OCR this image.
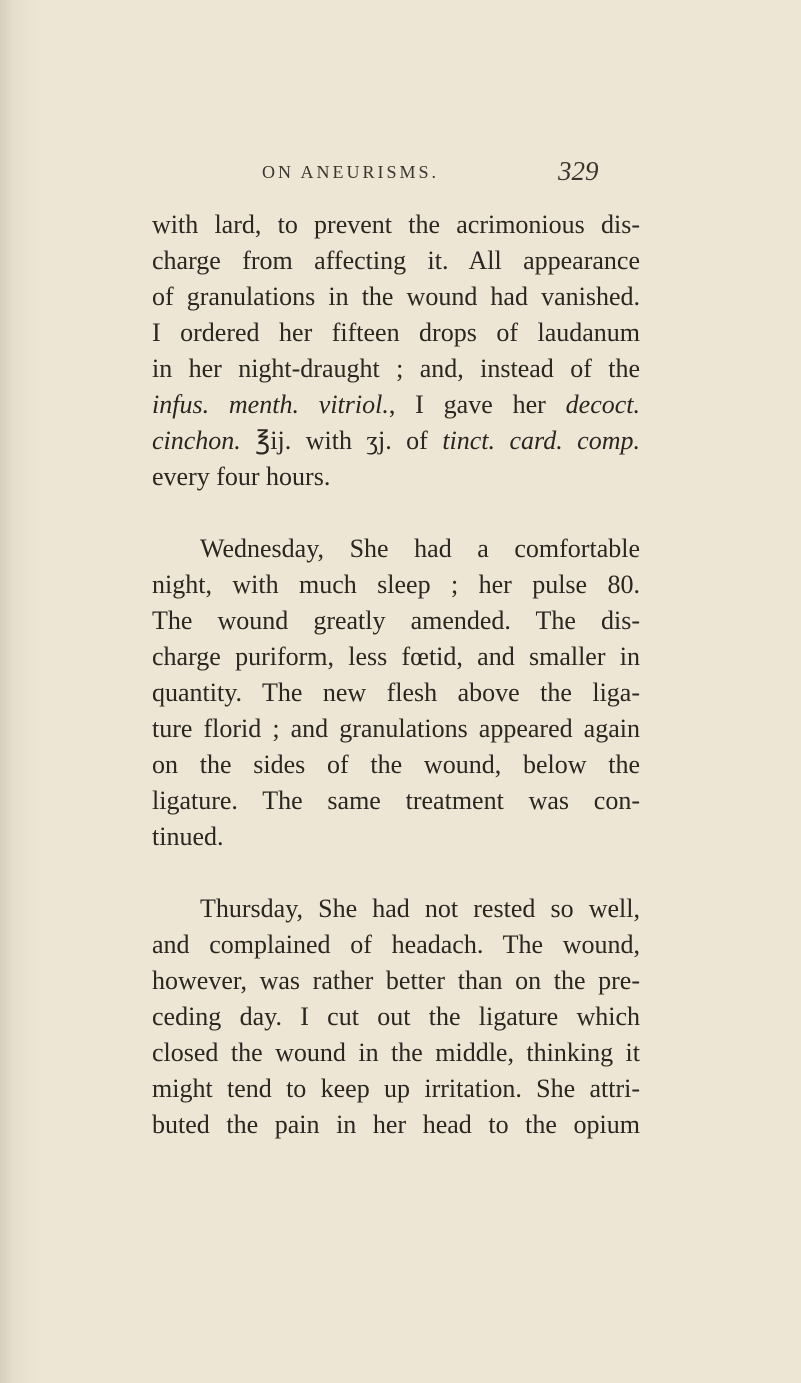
ON ANEURISMS.	329
with lard, to prevent the acrimonious dis-
charge from affecting it. All appearance
of granulations in the wound had vanished.
I ordered her fifteen drops of laudanum
in her night-draught ; and, instead of the
infus. menth. vitriol., I gave her decoct.
cinchon. ℥ij. with ʒj. of tinct. card. comp.
every four hours.
Wednesday, She had a comfortable
night, with much sleep ; her pulse 80.
The wound greatly amended. The dis-
charge puriform, less fœtid, and smaller in
quantity. The new flesh above the liga-
ture florid ; and granulations appeared again
on the sides of the wound, below the
ligature. The same treatment was con-
tinued.
Thursday, She had not rested so well,
and complained of headach. The wound,
however, was rather better than on the pre-
ceding day. I cut out the ligature which
closed the wound in the middle, thinking it
might tend to keep up irritation. She attri-
buted the pain in her head to the opium
